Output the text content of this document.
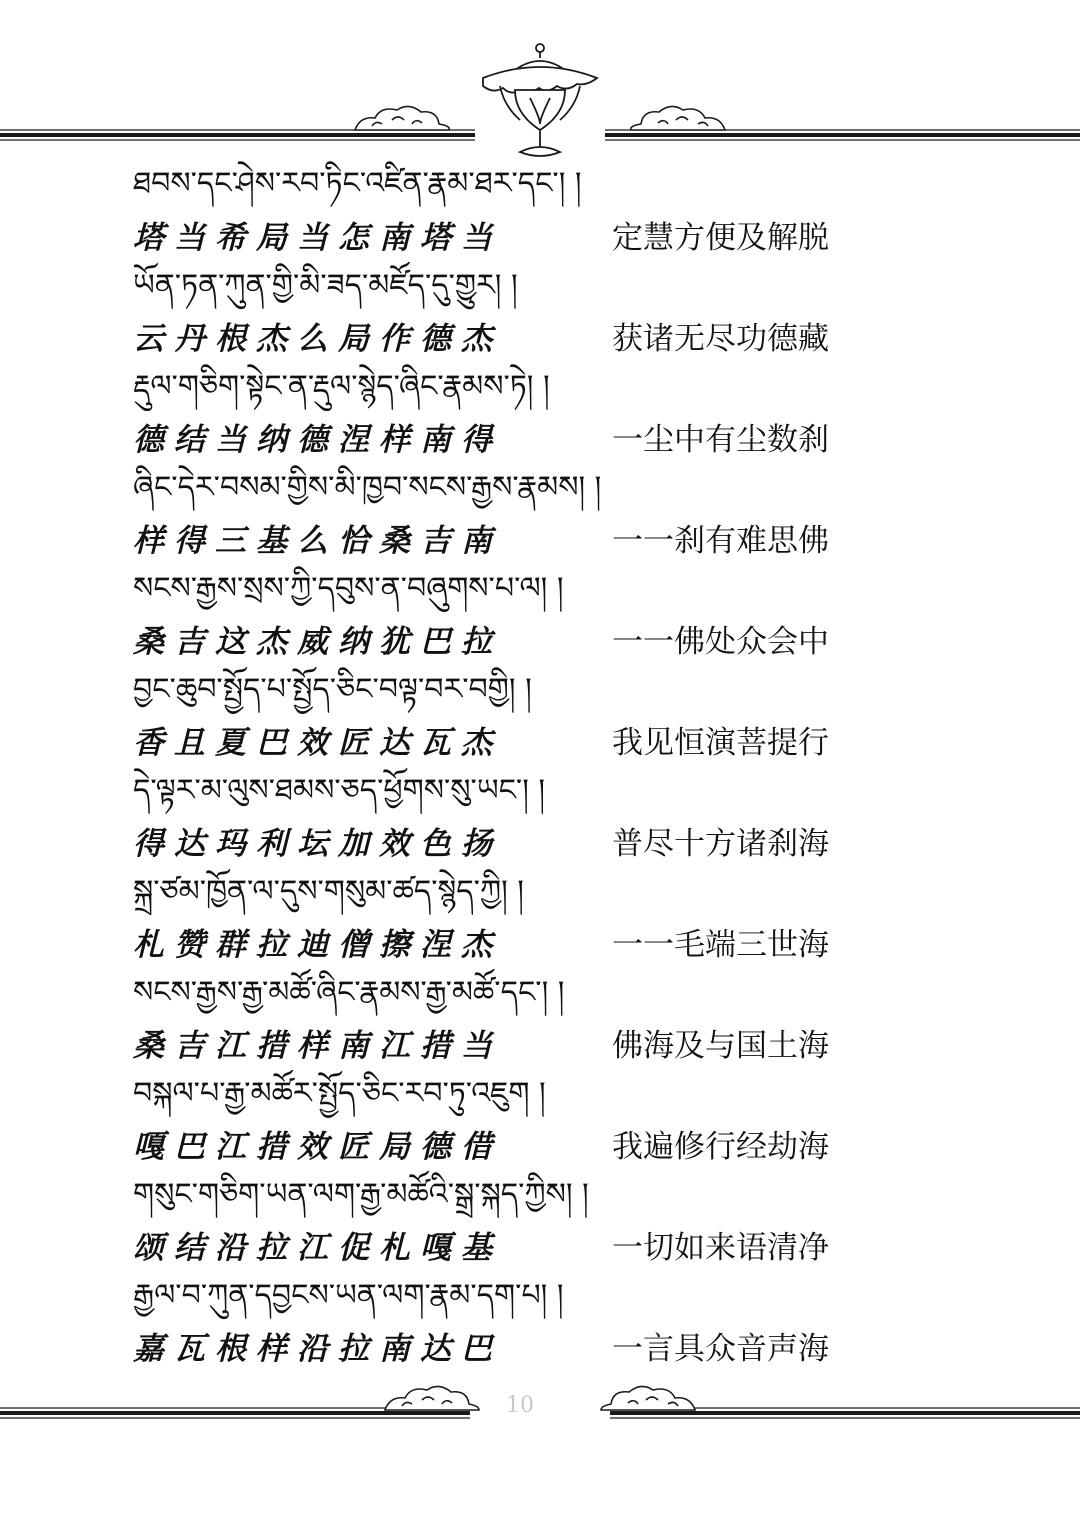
ཐབས་དང་ཤེས་རབ་ཏིང་འཛིན་རྣམ་ཐར་དང་། །
塔当希局当怎南塔当	定慧方便及解脱
ཡོན་ཏན་ཀུན་གྱི་མི་ཟད་མཛོད་དུ་གྱུར། །
云丹根杰么局作德杰	获诸无尽功德藏
རྡུལ་གཅིག་སྟེང་ན་རྡུལ་སྙེད་ཞིང་རྣམས་ཏེ། །
德结当纳德涅样南得	一尘中有尘数刹
ཞིང་དེར་བསམ་གྱིས་མི་ཁྱབ་སངས་རྒྱས་རྣམས། །
样得三基么恰桑吉南	一一刹有难思佛
སངས་རྒྱས་སྲས་ཀྱི་དབུས་ན་བཞུགས་པ་ལ། །
桑吉这杰威纳犹巴拉	一一佛处众会中
བྱང་ཆུབ་སྤྱོད་པ་སྤྱོད་ཅིང་བལྟ་བར་བགྱི། །
香且夏巴效匠达瓦杰	我见恒演菩提行
དེ་ལྟར་མ་ལུས་ཐམས་ཅད་ཕྱོགས་སུ་ཡང་། །
得达玛利坛加效色扬	普尽十方诸刹海
སྐྲ་ཙམ་ཁྱོན་ལ་དུས་གསུམ་ཚད་སྙེད་ཀྱི། །
札赞群拉迪僧擦涅杰	一一毛端三世海
སངས་རྒྱས་རྒྱ་མཚོ་ཞིང་རྣམས་རྒྱ་མཚོ་དང་། །
桑吉江措样南江措当	佛海及与国土海
བསྐལ་པ་རྒྱ་མཚོར་སྤྱོད་ཅིང་རབ་ཏུ་འཇུག །
嘎巴江措效匠局德借	我遍修行经劫海
གསུང་གཅིག་ཡན་ལག་རྒྱ་མཚོའི་སྒྲ་སྐད་ཀྱིས། །
颂结沿拉江促札嘎基	一切如来语清净
རྒྱལ་བ་ཀུན་དབྱངས་ཡན་ལག་རྣམ་དག་པ། །
嘉瓦根样沿拉南达巴	一言具众音声海
10
